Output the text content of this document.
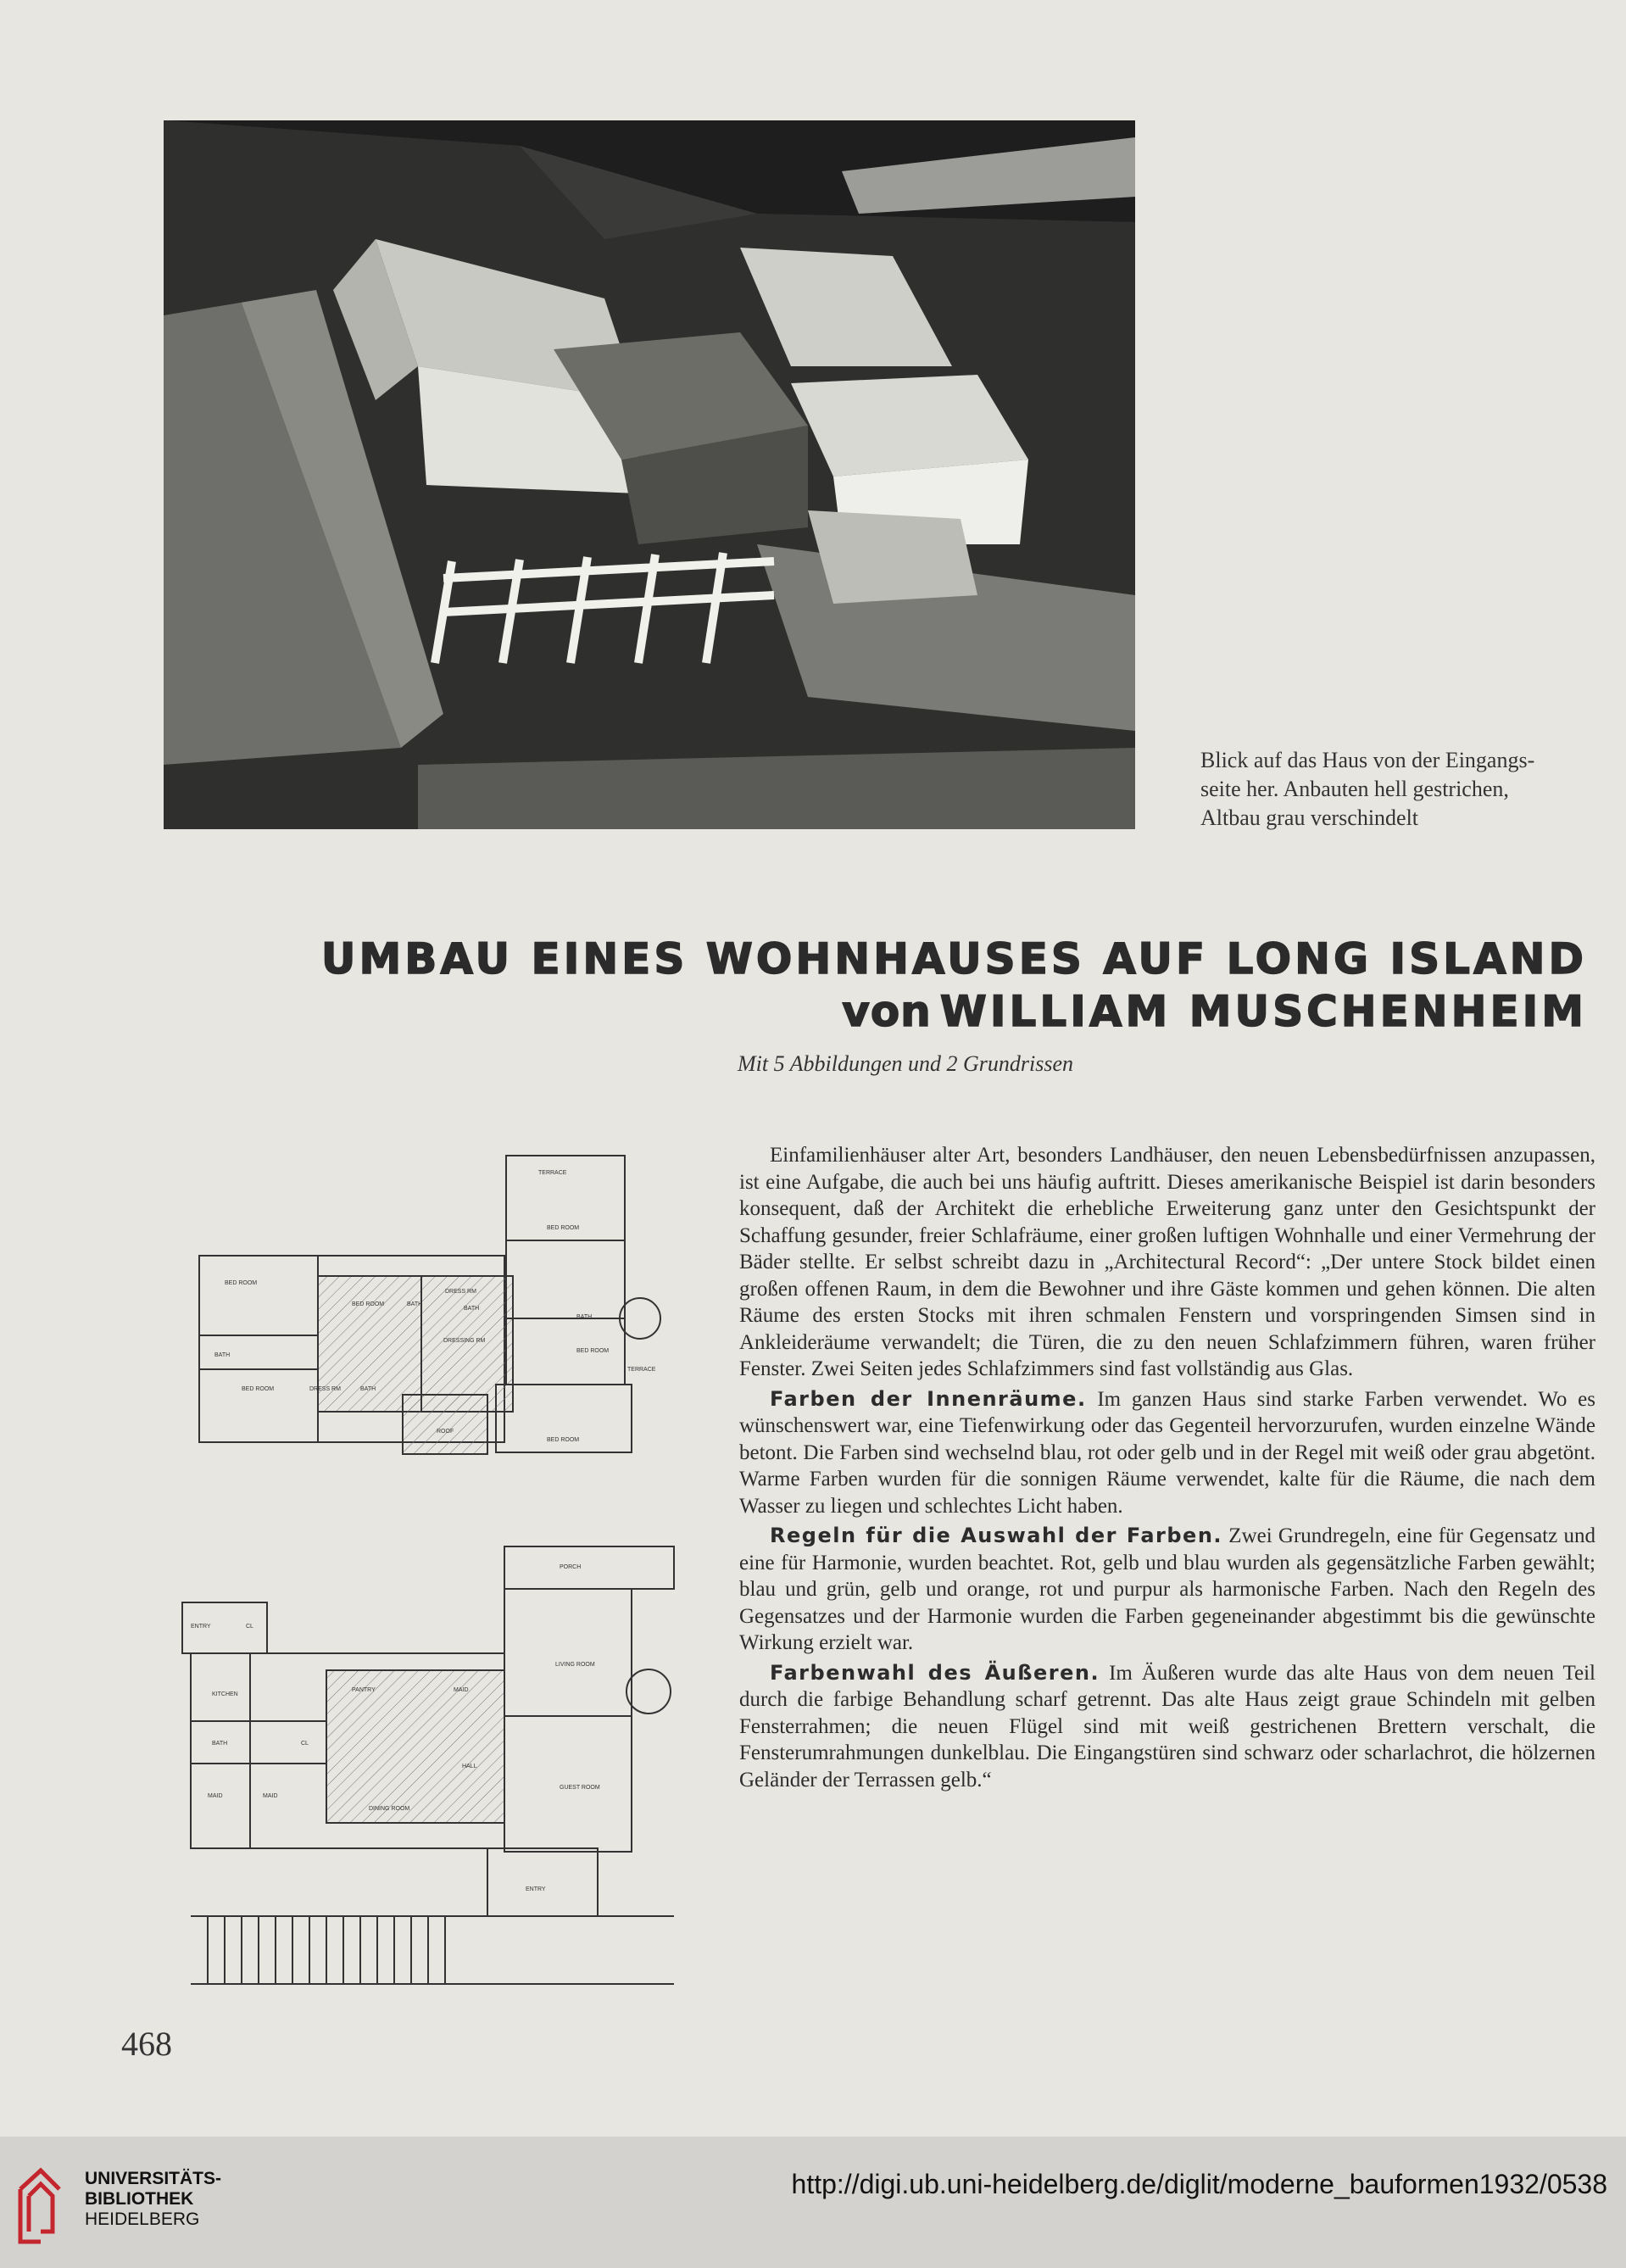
Blick auf das Haus von der Eingangs-
seite her. Anbauten hell gestrichen,
Altbau grau verschindelt
UMBAU EINES WOHNHAUSES AUF LONG ISLAND
von WILLIAM MUSCHENHEIM
Mit 5 Abbildungen und 2 Grundrissen
TERRACE
BED ROOM
BED ROOM
BED ROOM
DRESS RM
BATH
BATH
BATH
BATH
DRESSING RM
BED ROOM
TERRACE
BED ROOM	DRESS RM	BATH
ROOF
BED ROOM
PORCH
ENTRY	CL
KITCHEN
PANTRY	MAID
LIVING ROOM
BATH	CL
HALL
MAID	MAID
DINING ROOM
GUEST ROOM
ENTRY

Einfamilienhäuser alter Art, besonders Landhäuser, den neuen Lebensbedürfnissen anzupassen, ist eine Aufgabe, die auch bei uns häufig auftritt. Dieses amerikanische Beispiel ist darin besonders konsequent, daß der Architekt die erhebliche Erweiterung ganz unter den Gesichtspunkt der Schaffung gesunder, freier Schlafräume, einer großen luftigen Wohnhalle und einer Vermehrung der Bäder stellte. Er selbst schreibt dazu in „Architectural Record“: „Der untere Stock bildet einen großen offenen Raum, in dem die Bewohner und ihre Gäste kommen und gehen können. Die alten Räume des ersten Stocks mit ihren schmalen Fenstern und vorspringenden Simsen sind in Ankleideräume verwandelt; die Türen, die zu den neuen Schlafzimmern führen, waren früher Fenster. Zwei Seiten jedes Schlafzimmers sind fast vollständig aus Glas.

Farben der Innenräume. Im ganzen Haus sind starke Farben verwendet. Wo es wünschenswert war, eine Tiefenwirkung oder das Gegenteil hervorzurufen, wurden einzelne Wände betont. Die Farben sind wechselnd blau, rot oder gelb und in der Regel mit weiß oder grau abgetönt. Warme Farben wurden für die sonnigen Räume verwendet, kalte für die Räume, die nach dem Wasser zu liegen und schlechtes Licht haben.

Regeln für die Auswahl der Farben. Zwei Grundregeln, eine für Gegensatz und eine für Harmonie, wurden beachtet. Rot, gelb und blau wurden als gegensätzliche Farben gewählt; blau und grün, gelb und orange, rot und purpur als harmonische Farben. Nach den Regeln des Gegensatzes und der Harmonie wurden die Farben gegeneinander abgestimmt bis die gewünschte Wirkung erzielt war.

Farbenwahl des Äußeren. Im Äußeren wurde das alte Haus von dem neuen Teil durch die farbige Behandlung scharf getrennt. Das alte Haus zeigt graue Schindeln mit gelben Fensterrahmen; die neuen Flügel sind mit weiß gestrichenen Brettern verschalt, die Fensterumrahmungen dunkelblau. Die Eingangstüren sind schwarz oder scharlachrot, die hölzernen Geländer der Terrassen gelb.“

468
UNIVERSITÄTS-
BIBLIOTHEK
HEIDELBERG
http://digi.ub.uni-heidelberg.de/diglit/moderne_bauformen1932/0538
